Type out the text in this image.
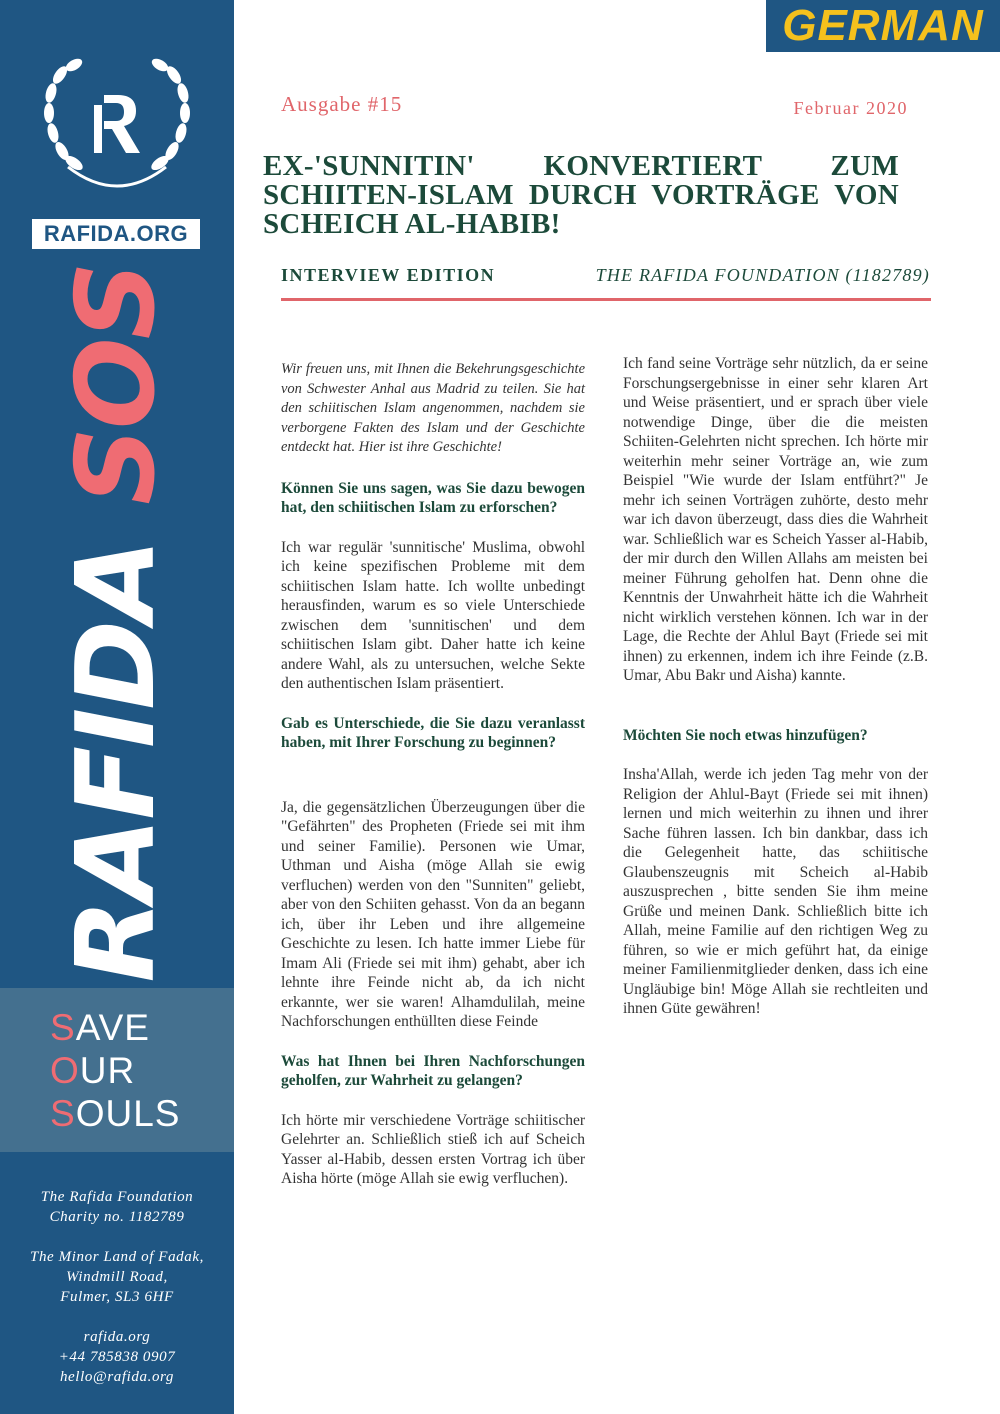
RAFIDA.ORG
RAFIDA SOS
SAVE
OUR
SOULS
The Rafida Foundation
Charity no. 1182789
The Minor Land of Fadak,
Windmill Road,
Fulmer, SL3 6HF
rafida.org
+44 785838 0907
hello@rafida.org
GERMAN
Ausgabe #15	Februar 2020
EX-'SUNNITIN' KONVERTIERT ZUM SCHIITEN-ISLAM DURCH VORTRÄGE VON SCHEICH AL-HABIB!
INTERVIEW EDITION	THE RAFIDA FOUNDATION (1182789)

Wir freuen uns, mit Ihnen die Bekehrungsgeschichte von Schwester Anhal aus Madrid zu teilen. Sie hat den schiitischen Islam angenommen, nachdem sie verborgene Fakten des Islam und der Geschichte entdeckt hat. Hier ist ihre Geschichte!

Können Sie uns sagen, was Sie dazu bewogen hat, den schiitischen Islam zu erforschen?

Ich war regulär 'sunnitische' Muslima, obwohl ich keine spezifischen Probleme mit dem schiitischen Islam hatte. Ich wollte unbedingt herausfinden, warum es so viele Unterschiede zwischen dem 'sunnitischen' und dem schiitischen Islam gibt. Daher hatte ich keine andere Wahl, als zu untersuchen, welche Sekte den authentischen Islam präsentiert.

Gab es Unterschiede, die Sie dazu veranlasst haben, mit Ihrer Forschung zu beginnen?

Ja, die gegensätzlichen Überzeugungen über die "Gefährten" des Propheten (Friede sei mit ihm und seiner Familie). Personen wie Umar, Uthman und Aisha (möge Allah sie ewig verfluchen) werden von den "Sunniten" geliebt, aber von den Schiiten gehasst. Von da an begann ich, über ihr Leben und ihre allgemeine Geschichte zu lesen. Ich hatte immer Liebe für Imam Ali (Friede sei mit ihm) gehabt, aber ich lehnte ihre Feinde nicht ab, da ich nicht erkannte, wer sie waren! Alhamdulilah, meine Nachforschungen enthüllten diese Feinde

Was hat Ihnen bei Ihren Nachforschungen geholfen, zur Wahrheit zu gelangen?

Ich hörte mir verschiedene Vorträge schiitischer Gelehrter an. Schließlich stieß ich auf Scheich Yasser al-Habib, dessen ersten Vortrag ich über Aisha hörte (möge Allah sie ewig verfluchen).

Ich fand seine Vorträge sehr nützlich, da er seine Forschungsergebnisse in einer sehr klaren Art und Weise präsentiert, und er sprach über viele notwendige Dinge, über die die meisten Schiiten-Gelehrten nicht sprechen. Ich hörte mir weiterhin mehr seiner Vorträge an, wie zum Beispiel "Wie wurde der Islam entführt?" Je mehr ich seinen Vorträgen zuhörte, desto mehr war ich davon überzeugt, dass dies die Wahrheit war. Schließlich war es Scheich Yasser al-Habib, der mir durch den Willen Allahs am meisten bei meiner Führung geholfen hat. Denn ohne die Kenntnis der Unwahrheit hätte ich die Wahrheit nicht wirklich verstehen können. Ich war in der Lage, die Rechte der Ahlul Bayt (Friede sei mit ihnen) zu erkennen, indem ich ihre Feinde (z.B. Umar, Abu Bakr und Aisha) kannte.

Möchten Sie noch etwas hinzufügen?

Insha'Allah, werde ich jeden Tag mehr von der Religion der Ahlul-Bayt (Friede sei mit ihnen) lernen und mich weiterhin zu ihnen und ihrer Sache führen lassen. Ich bin dankbar, dass ich die Gelegenheit hatte, das schiitische Glaubenszeugnis mit Scheich al-Habib auszusprechen , bitte senden Sie ihm meine Grüße und meinen Dank. Schließlich bitte ich Allah, meine Familie auf den richtigen Weg zu führen, so wie er mich geführt hat, da einige meiner Familienmitglieder denken, dass ich eine Ungläubige bin! Möge Allah sie rechtleiten und ihnen Güte gewähren!
